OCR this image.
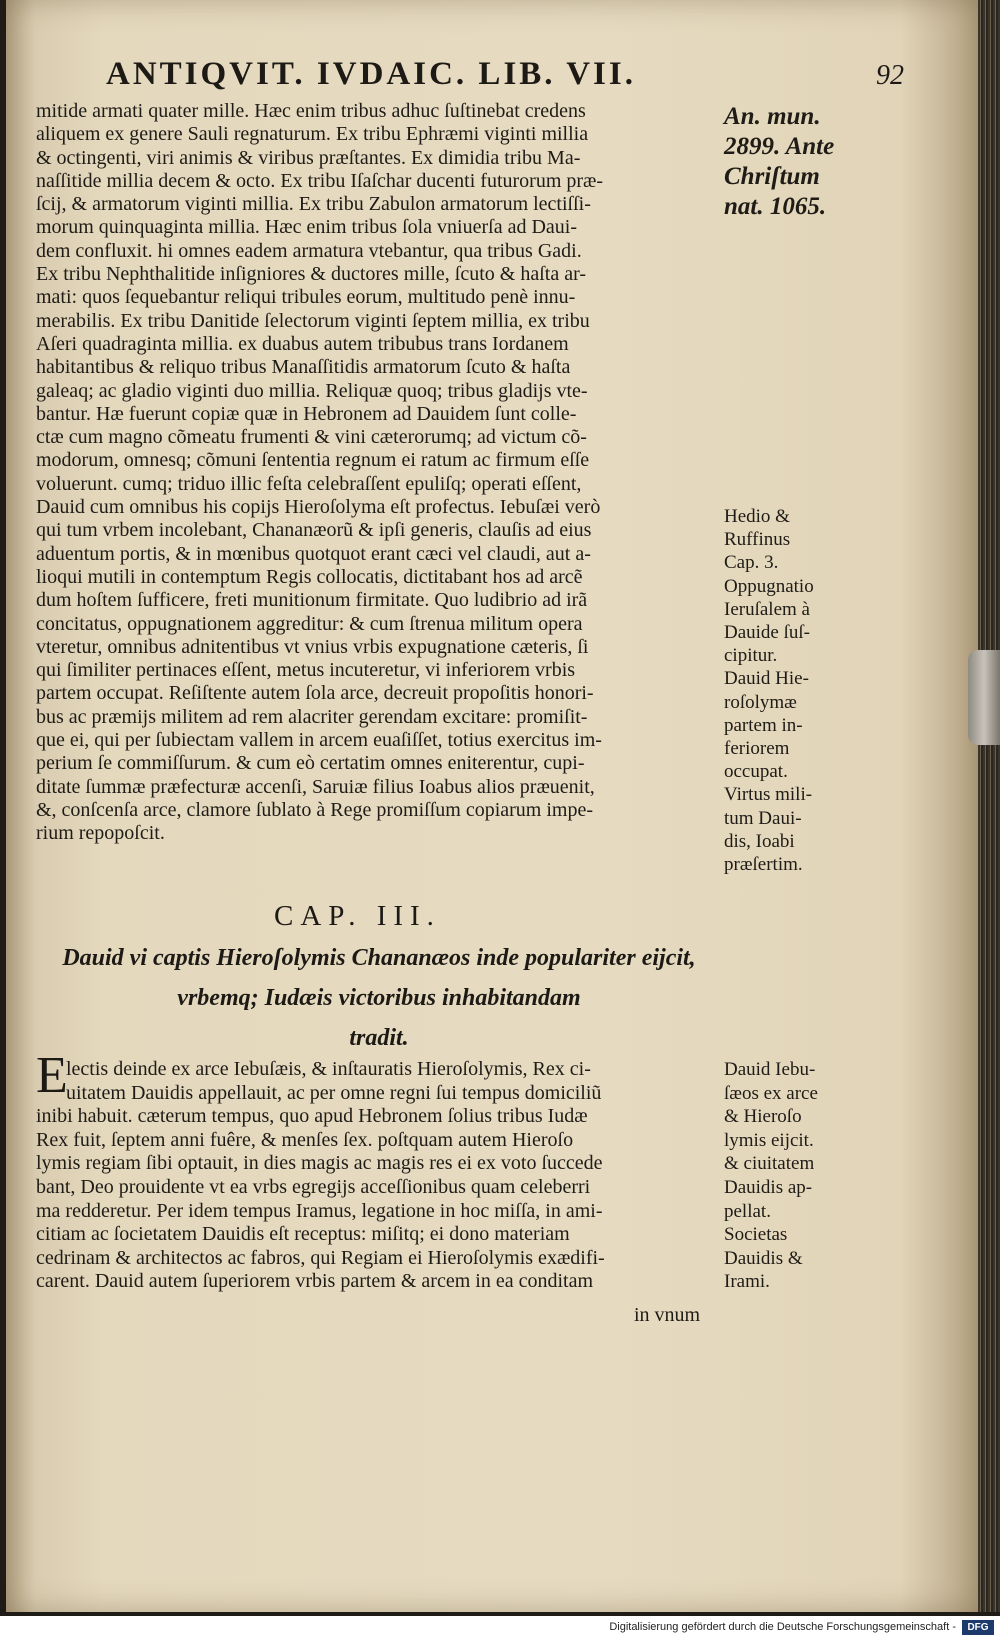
ANTIQVIT. IVDAIC. LIB. VII.	92
mitide armati quater mille. Hæc enim tribus adhuc ſuſtinebat credens
aliquem ex genere Sauli regnaturum. Ex tribu Ephræmi viginti millia
& octingenti, viri animis & viribus præſtantes. Ex dimidia tribu Ma-
naſſitide millia decem & octo. Ex tribu Iſaſchar ducenti futurorum præ-
ſcij, & armatorum viginti millia. Ex tribu Zabulon armatorum lectiſſi-
morum quinquaginta millia. Hæc enim tribus ſola vniuerſa ad Daui-
dem confluxit. hi omnes eadem armatura vtebantur, qua tribus Gadi.
Ex tribu Nephthalitide inſigniores & ductores mille, ſcuto & haſta ar-
mati: quos ſequebantur reliqui tribules eorum, multitudo penè innu-
merabilis. Ex tribu Danitide ſelectorum viginti ſeptem millia, ex tribu
Aſeri quadraginta millia. ex duabus autem tribubus trans Iordanem
habitantibus & reliquo tribus Manaſſitidis armatorum ſcuto & haſta
galeaq; ac gladio viginti duo millia. Reliquæ quoq; tribus gladijs vte-
bantur. Hæ fuerunt copiæ quæ in Hebronem ad Dauidem ſunt colle-
ctæ cum magno cõmeatu frumenti & vini cæterorumq; ad victum cõ-
modorum, omnesq; cõmuni ſententia regnum ei ratum ac firmum eſſe
voluerunt. cumq; triduo illic feſta celebraſſent epuliſq; operati eſſent,
Dauid cum omnibus his copijs Hieroſolyma eſt profectus. Iebuſæi verò
qui tum vrbem incolebant, Chananæorũ & ipſi generis, clauſis ad eius
aduentum portis, & in mœnibus quotquot erant cæci vel claudi, aut a-
lioqui mutili in contemptum Regis collocatis, dictitabant hos ad arcẽ
dum hoſtem ſufficere, freti munitionum firmitate. Quo ludibrio ad irã
concitatus, oppugnationem aggreditur: & cum ſtrenua militum opera
vteretur, omnibus adnitentibus vt vnius vrbis expugnatione cæteris, ſi
qui ſimiliter pertinaces eſſent, metus incuteretur, vi inferiorem vrbis
partem occupat. Reſiſtente autem ſola arce, decreuit propoſitis honori-
bus ac præmijs militem ad rem alacriter gerendam excitare: promiſit-
que ei, qui per ſubiectam vallem in arcem euaſiſſet, totius exercitus im-
perium ſe commiſſurum. & cum eò certatim omnes eniterentur, cupi-
ditate ſummæ præfecturæ accenſi, Saruiæ filius Ioabus alios præuenit,
&, conſcenſa arce, clamore ſublato à Rege promiſſum copiarum impe-
rium repopoſcit.
An. mun.
2899. Ante
Chriſtum
nat. 1065.
Hedio &
Ruffinus
Cap. 3.
Oppugnatio
Ieruſalem à
Dauide ſuſ-
cipitur.
Dauid Hie-
roſolymæ
partem in-
feriorem
occupat.
Virtus mili-
tum Daui-
dis, Ioabi
præſertim.
CAP. III.
Dauid vi captis Hieroſolymis Chananæos inde populariter eijcit,
vrbemq; Iudæis victoribus inhabitandam
tradit.
E
lectis deinde ex arce Iebuſæis, & inſtauratis Hieroſolymis, Rex ci-
uitatem Dauidis appellauit, ac per omne regni ſui tempus domiciliũ
inibi habuit. cæterum tempus, quo apud Hebronem ſolius tribus Iudæ
Rex fuit, ſeptem anni fuêre, & menſes ſex. poſtquam autem Hieroſo
lymis regiam ſibi optauit, in dies magis ac magis res ei ex voto ſuccede
bant, Deo prouidente vt ea vrbs egregijs acceſſionibus quam celeberri
ma redderetur. Per idem tempus Iramus, legatione in hoc miſſa, in ami-
citiam ac ſocietatem Dauidis eſt receptus: miſitq; ei dono materiam
cedrinam & architectos ac fabros, qui Regiam ei Hieroſolymis exædifi-
carent. Dauid autem ſuperiorem vrbis partem & arcem in ea conditam
in vnum
Dauid Iebu-
ſæos ex arce
& Hieroſo
lymis eijcit.
& ciuitatem
Dauidis ap-
pellat.
Societas
Dauidis &
Irami.
Digitalisierung gefördert durch die Deutsche Forschungsgemeinschaft -	DFG
